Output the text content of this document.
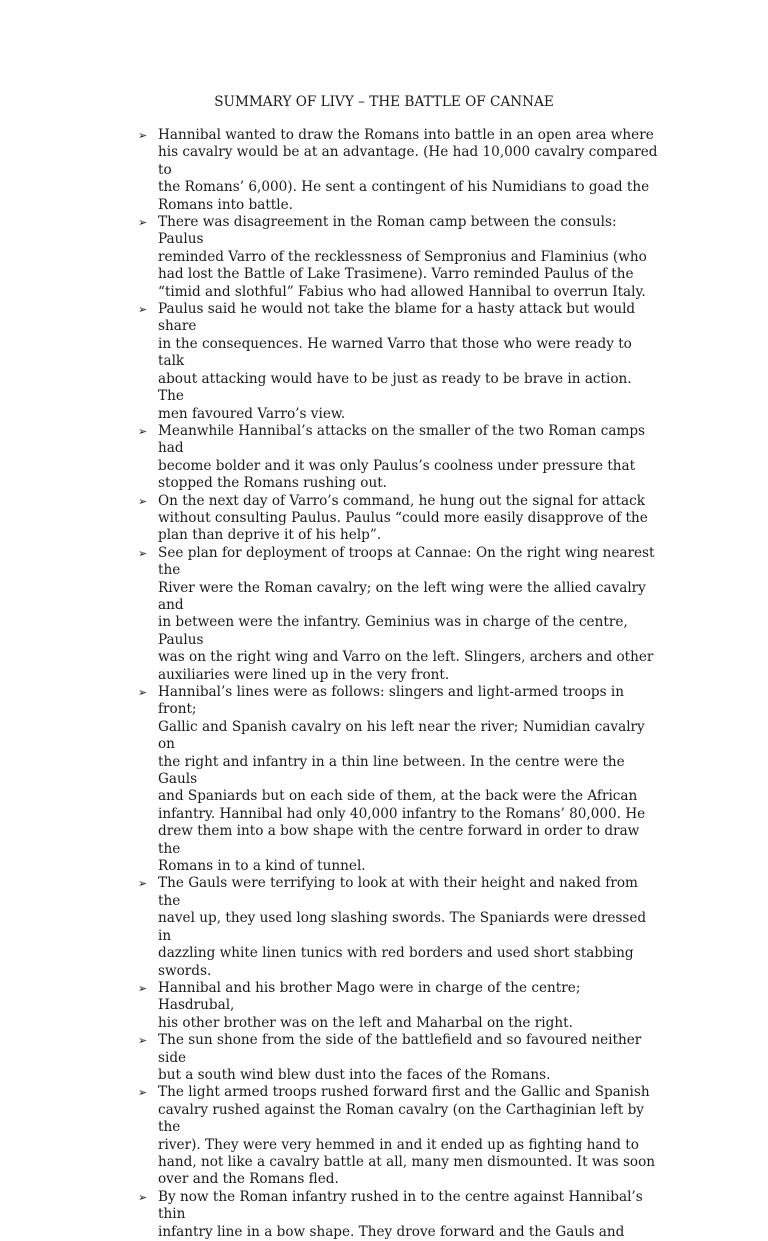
SUMMARY OF LIVY – THE BATTLE OF CANNAE
➢ Hannibal wanted to draw the Romans into battle in an open area where
his cavalry would be at an advantage. (He had 10,000 cavalry compared to
the Romans’ 6,000). He sent a contingent of his Numidians to goad the
Romans into battle.
➢ There was disagreement in the Roman camp between the consuls: Paulus
reminded Varro of the recklessness of Sempronius and Flaminius (who
had lost the Battle of Lake Trasimene). Varro reminded Paulus of the
“timid and slothful” Fabius who had allowed Hannibal to overrun Italy.
➢ Paulus said he would not take the blame for a hasty attack but would share
in the consequences. He warned Varro that those who were ready to talk
about attacking would have to be just as ready to be brave in action. The
men favoured Varro’s view.
➢ Meanwhile Hannibal’s attacks on the smaller of the two Roman camps had
become bolder and it was only Paulus’s coolness under pressure that
stopped the Romans rushing out.
➢ On the next day of Varro’s command, he hung out the signal for attack
without consulting Paulus. Paulus “could more easily disapprove of the
plan than deprive it of his help”.
➢ See plan for deployment of troops at Cannae: On the right wing nearest the
River were the Roman cavalry; on the left wing were the allied cavalry and
in between were the infantry. Geminius was in charge of the centre, Paulus
was on the right wing and Varro on the left. Slingers, archers and other
auxiliaries were lined up in the very front.
➢ Hannibal’s lines were as follows: slingers and light-armed troops in front;
Gallic and Spanish cavalry on his left near the river; Numidian cavalry on
the right and infantry in a thin line between. In the centre were the Gauls
and Spaniards but on each side of them, at the back were the African
infantry. Hannibal had only 40,000 infantry to the Romans’ 80,000. He
drew them into a bow shape with the centre forward in order to draw the
Romans in to a kind of tunnel.
➢ The Gauls were terrifying to look at with their height and naked from the
navel up, they used long slashing swords. The Spaniards were dressed in
dazzling white linen tunics with red borders and used short stabbing
swords.
➢ Hannibal and his brother Mago were in charge of the centre; Hasdrubal,
his other brother was on the left and Maharbal on the right.
➢ The sun shone from the side of the battlefield and so favoured neither side
but a south wind blew dust into the faces of the Romans.
➢ The light armed troops rushed forward first and the Gallic and Spanish
cavalry rushed against the Roman cavalry (on the Carthaginian left by the
river). They were very hemmed in and it ended up as fighting hand to
hand, not like a cavalry battle at all, many men dismounted. It was soon
over and the Romans fled.
➢ By now the Roman infantry rushed in to the centre against Hannibal’s thin
infantry line in a bow shape. They drove forward and the Gauls and
